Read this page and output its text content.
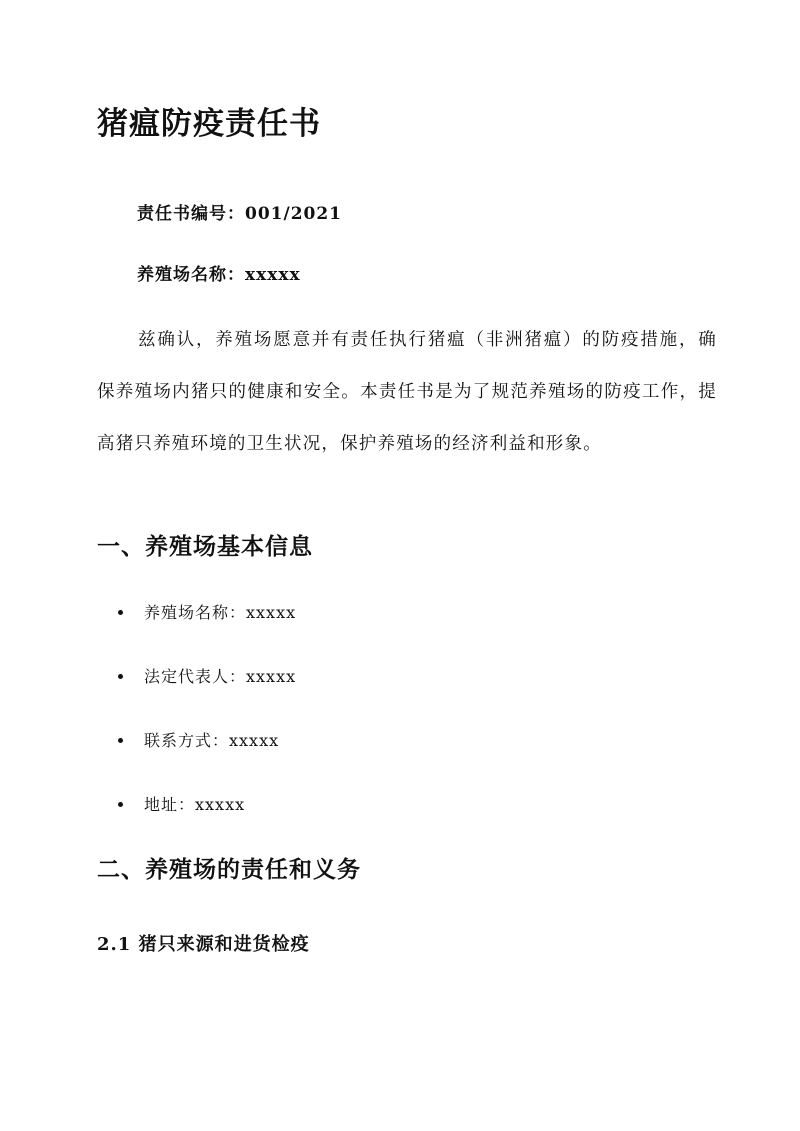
猪瘟防疫责任书
责任书编号：001/2021
养殖场名称：xxxxx

兹确认，养殖场愿意并有责任执行猪瘟（非洲猪瘟）的防疫措施，确保养殖场内猪只的健康和安全。本责任书是为了规范养殖场的防疫工作，提高猪只养殖环境的卫生状况，保护养殖场的经济利益和形象。

一、养殖场基本信息
养殖场名称：xxxxx
法定代表人：xxxxx
联系方式：xxxxx
地址：xxxxx
二、养殖场的责任和义务
2.1 猪只来源和进货检疫
